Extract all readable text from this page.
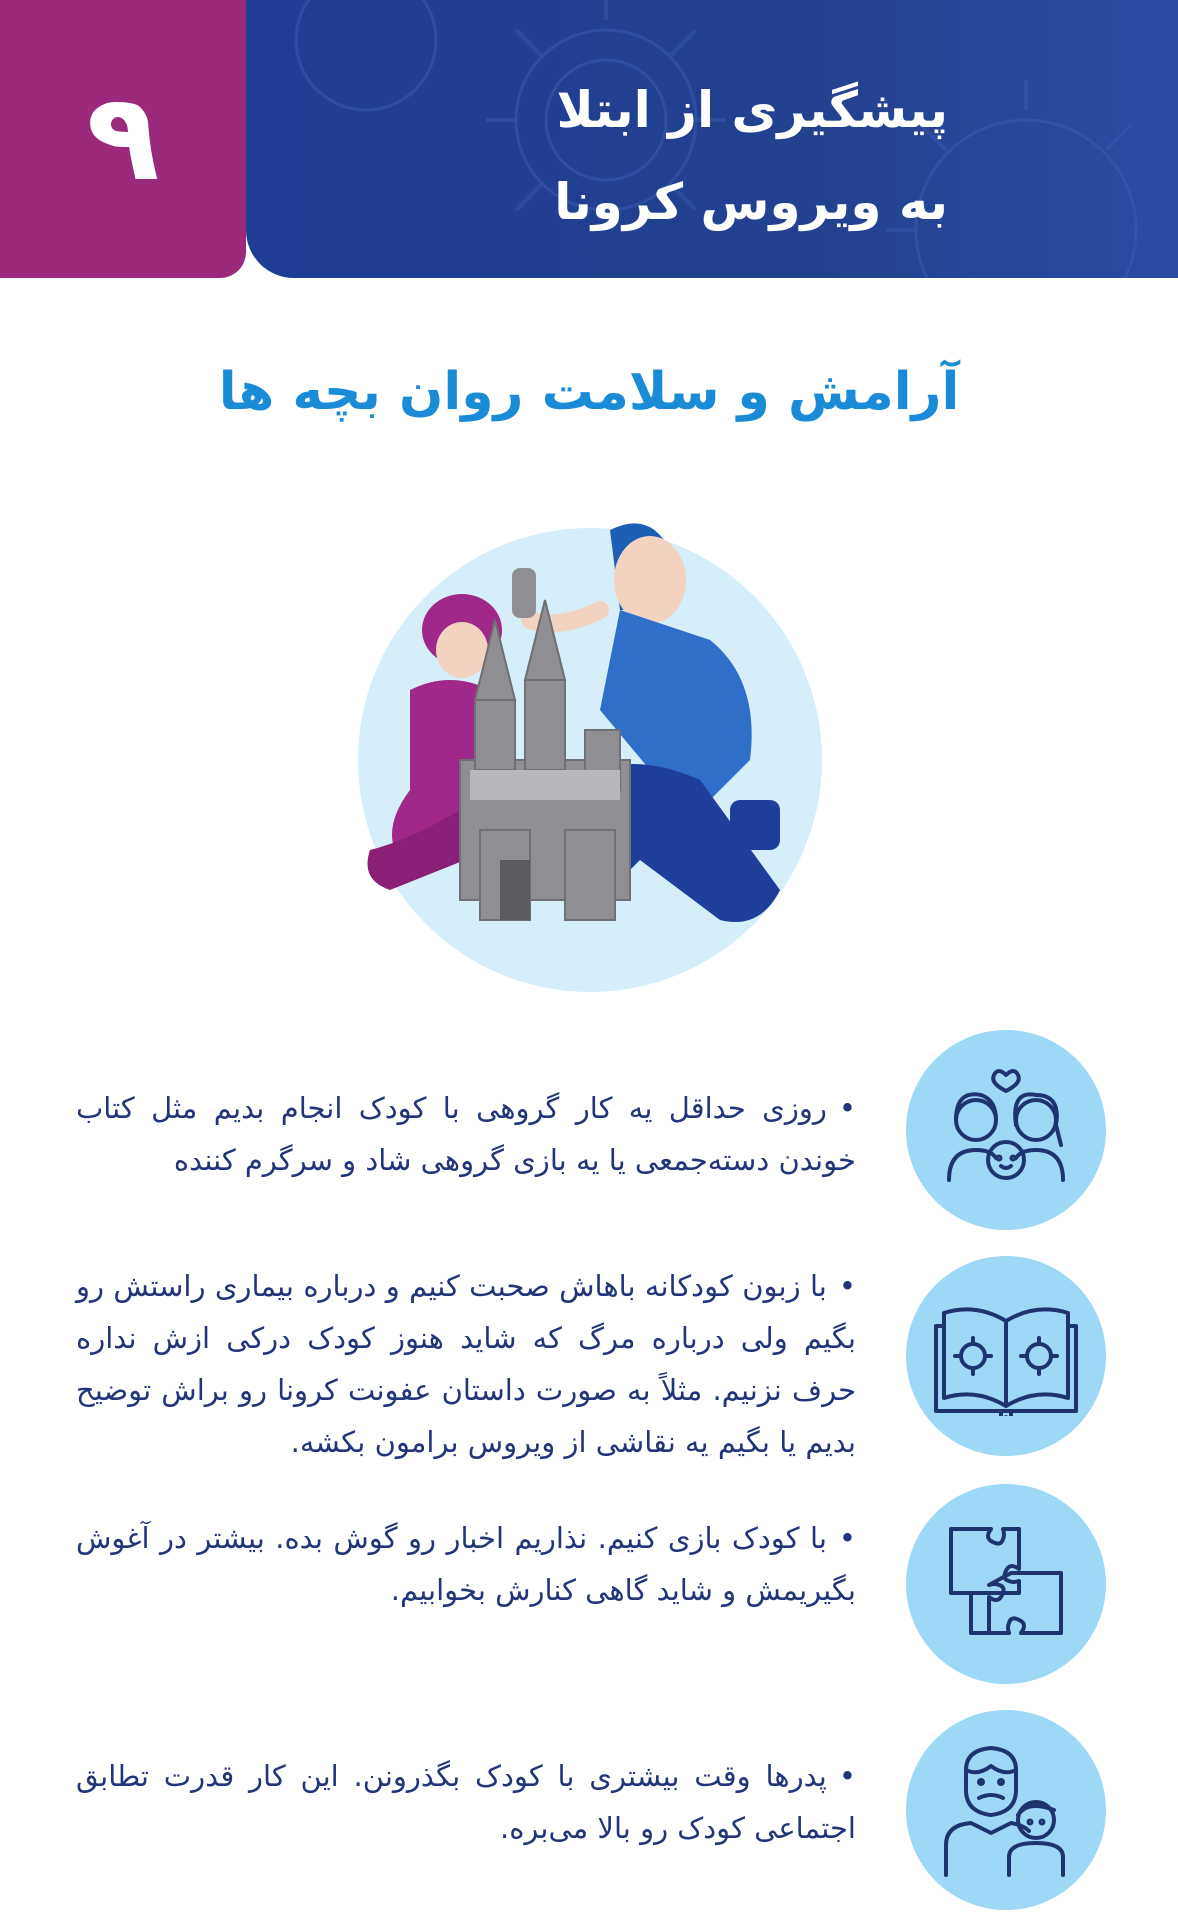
۹	پیشگیری از ابتلا
به ویروس کرونا
آرامش و سلامت روان بچه ها
•روزی حداقل یه کار گروهی با کودک انجام بدیم مثل کتاب خوندن دسته‌جمعی یا یه بازی گروهی شاد و سرگرم کننده
•با زبون کودکانه باهاش صحبت کنیم و درباره بیماری راستش رو بگیم ولی درباره مرگ که شاید هنوز کودک درکی ازش نداره حرف نزنیم. مثلاً به صورت داستان عفونت کرونا رو براش توضیح بدیم یا بگیم یه نقاشی از ویروس برامون بکشه.
•با کودک بازی کنیم. نذاریم اخبار رو گوش بده. بیشتر در آغوش بگیریمش و شاید گاهی کنارش بخوابیم.
•پدرها وقت بیشتری با کودک بگذرونن. این کار قدرت تطابق اجتماعی کودک رو بالا می‌بره.
